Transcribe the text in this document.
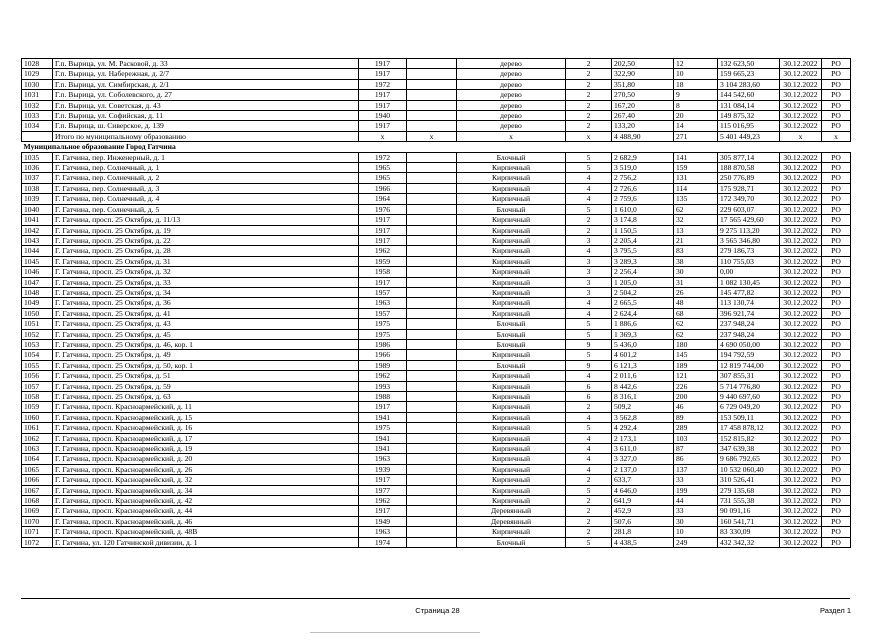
1028	Г.п. Вырица, ул. М. Расковой, д. 33	1917		дерево	2	202,50	12	132 623,50	30.12.2022	РО
1029	Г.п. Вырица, ул. Набережная, д. 2/7	1917		дерево	2	322,90	10	159 665,23	30.12.2022	РО
1030	Г.п. Вырица, ул. Симбирская, д. 2/1	1972		дерево	2	351,80	18	3 104 283,60	30.12.2022	РО
1031	Г.п. Вырица, ул. Соболевского, д. 27	1917		дерево	2	270,50	9	144 542,60	30.12.2022	РО
1032	Г.п. Вырица, ул. Советская, д. 43	1917		дерево	2	167,20	8	131 084,14	30.12.2022	РО
1033	Г.п. Вырица, ул. Софийская, д. 11	1940		дерево	2	267,40	20	149 875,32	30.12.2022	РО
1034	Г.п. Вырица, ш. Сиверское, д. 139	1917		дерево	2	133,20	14	115 016,95	30.12.2022	РО
	Итого по муниципальному образованию	x	x	x	x	4 488,90	271	5 401 449,23	x	x
Муниципальное образование Город Гатчина										
1035	Г. Гатчина, пер. Инженерный, д. 1	1972		Блочный	5	2 682,9	141	305 877,14	30.12.2022	РО
1036	Г. Гатчина, пер. Солнечный, д. 1	1965		Кирпичный	5	3 519,0	159	188 870,58	30.12.2022	РО
1037	Г. Гатчина, пер. Солнечный, д. 2	1965		Кирпичный	4	2 756,2	131	250 776,89	30.12.2022	РО
1038	Г. Гатчина, пер. Солнечный, д. 3	1966		Кирпичный	4	2 726,6	114	175 928,71	30.12.2022	РО
1039	Г. Гатчина, пер. Солнечный, д. 4	1964		Кирпичный	4	2 759,6	135	172 349,70	30.12.2022	РО
1040	Г. Гатчина, пер. Солнечный, д. 5	1976		Блочный	5	1 610,0	62	229 603,07	30.12.2022	РО
1041	Г. Гатчина, просп. 25 Октября, д. 11/13	1917		Кирпичный	2	3 174,8	32	17 565 429,60	30.12.2022	РО
1042	Г. Гатчина, просп. 25 Октября, д. 19	1917		Кирпичный	2	1 150,5	13	9 275 113,20	30.12.2022	РО
1043	Г. Гатчина, просп. 25 Октября, д. 22	1917		Кирпичный	3	2 205,4	21	3 565 346,80	30.12.2022	РО
1044	Г. Гатчина, просп. 25 Октября, д. 28	1962		Кирпичный	4	3 795,5	83	279 186,73	30.12.2022	РО
1045	Г. Гатчина, просп. 25 Октября, д. 31	1959		Кирпичный	3	3 289,3	38	110 755,03	30.12.2022	РО
1046	Г. Гатчина, просп. 25 Октября, д. 32	1958		Кирпичный	3	2 256,4	30	0,00	30.12.2022	РО
1047	Г. Гатчина, просп. 25 Октября, д. 33	1917		Кирпичный	3	1 205,0	31	1 082 130,45	30.12.2022	РО
1048	Г. Гатчина, просп. 25 Октября, д. 34	1957		Кирпичный	3	2 504,2	26	145 477,82	30.12.2022	РО
1049	Г. Гатчина, просп. 25 Октября, д. 36	1963		Кирпичный	4	2 665,5	48	113 130,74	30.12.2022	РО
1050	Г. Гатчина, просп. 25 Октября, д. 41	1957		Кирпичный	4	2 624,4	68	396 921,74	30.12.2022	РО
1051	Г. Гатчина, просп. 25 Октября, д. 43	1975		Блочный	5	1 886,6	62	237 948,24	30.12.2022	РО
1052	Г. Гатчина, просп. 25 Октября, д. 45	1975		Блочный	5	1 369,3	62	237 948,24	30.12.2022	РО
1053	Г. Гатчина, просп. 25 Октября, д. 46, кор. 1	1986		Блочный	9	5 436,0	180	4 690 050,00	30.12.2022	РО
1054	Г. Гатчина, просп. 25 Октября, д. 49	1966		Кирпичный	5	4 601,2	145	194 792,59	30.12.2022	РО
1055	Г. Гатчина, просп. 25 Октября, д. 50, кор. 1	1989		Блочный	9	6 121,3	189	12 819 744,00	30.12.2022	РО
1056	Г. Гатчина, просп. 25 Октября, д. 51	1962		Кирпичный	4	2 011,6	121	307 855,31	30.12.2022	РО
1057	Г. Гатчина, просп. 25 Октября, д. 59	1993		Кирпичный	6	8 442,6	226	5 714 776,80	30.12.2022	РО
1058	Г. Гатчина, просп. 25 Октября, д. 63	1988		Кирпичный	6	8 316,1	200	9 440 697,60	30.12.2022	РО
1059	Г. Гатчина, просп. Красноармейский, д. 11	1917		Кирпичный	2	509,2	46	6 729 049,20	30.12.2022	РО
1060	Г. Гатчина, просп. Красноармейский, д. 15	1941		Кирпичный	4	3 562,8	89	153 509,11	30.12.2022	РО
1061	Г. Гатчина, просп. Красноармейский, д. 16	1975		Кирпичный	5	4 292,4	289	17 458 878,12	30.12.2022	РО
1062	Г. Гатчина, просп. Красноармейский, д. 17	1941		Кирпичный	4	2 173,1	103	152 815,82	30.12.2022	РО
1063	Г. Гатчина, просп. Красноармейский, д. 19	1941		Кирпичный	4	3 611,0	87	347 639,38	30.12.2022	РО
1064	Г. Гатчина, просп. Красноармейский, д. 20	1963		Кирпичный	4	3 327,0	86	9 686 792,65	30.12.2022	РО
1065	Г. Гатчина, просп. Красноармейский, д. 26	1939		Кирпичный	4	2 137,0	137	10 532 060,40	30.12.2022	РО
1066	Г. Гатчина, просп. Красноармейский, д. 32	1917		Кирпичный	2	633,7	33	310 526,41	30.12.2022	РО
1067	Г. Гатчина, просп. Красноармейский, д. 34	1977		Кирпичный	5	4 646,0	199	279 135,68	30.12.2022	РО
1068	Г. Гатчина, просп. Красноармейский, д. 42	1962		Кирпичный	2	641,9	44	731 555,38	30.12.2022	РО
1069	Г. Гатчина, просп. Красноармейский, д. 44	1917		Деревянный	2	452,9	33	90 091,16	30.12.2022	РО
1070	Г. Гатчина, просп. Красноармейский, д. 46	1949		Деревянный	2	507,6	30	160 541,71	30.12.2022	РО
1071	Г. Гатчина, просп. Красноармейский, д. 48В	1963		Кирпичный	2	281,8	10	83 330,09	30.12.2022	РО
1072	Г. Гатчина, ул. 120 Гатчинской дивизии, д. 1	1974		Блочный	5	4 438,5	249	432 342,32	30.12.2022	РО
Страница 28	Раздел 1
